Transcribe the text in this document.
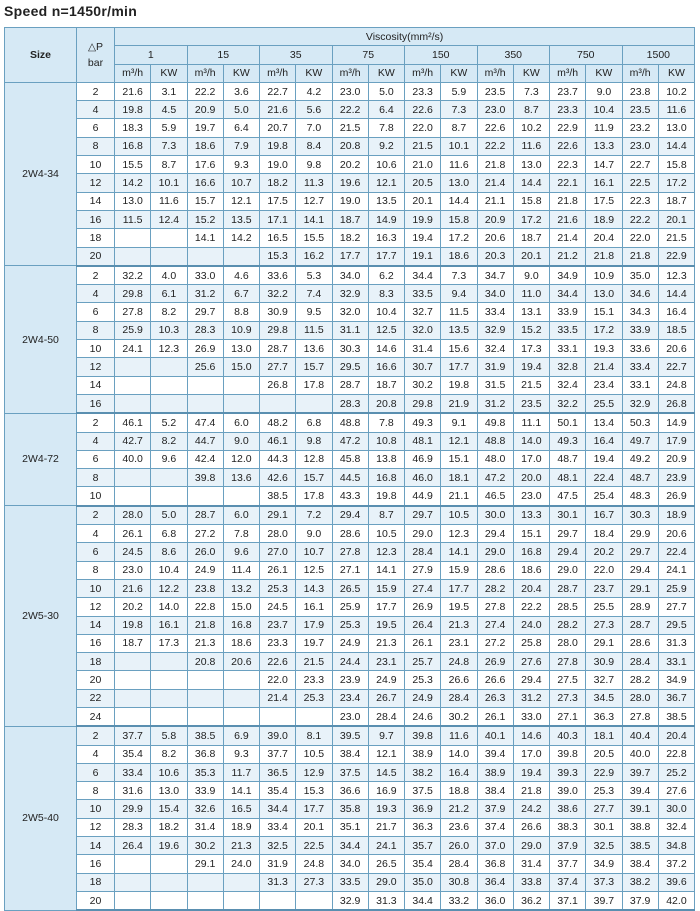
Speed n=1450r/min
Size	△P
bar	Viscosity(mm²/s)															
		1		15		35		75		150		350		750		1500	
		m³/h	KW	m³/h	KW	m³/h	KW	m³/h	KW	m³/h	KW	m³/h	KW	m³/h	KW	m³/h	KW
2W4-34	2	21.6	3.1	22.2	3.6	22.7	4.2	23.0	5.0	23.3	5.9	23.5	7.3	23.7	9.0	23.8	10.2
	4	19.8	4.5	20.9	5.0	21.6	5.6	22.2	6.4	22.6	7.3	23.0	8.7	23.3	10.4	23.5	11.6
	6	18.3	5.9	19.7	6.4	20.7	7.0	21.5	7.8	22.0	8.7	22.6	10.2	22.9	11.9	23.2	13.0
	8	16.8	7.3	18.6	7.9	19.8	8.4	20.8	9.2	21.5	10.1	22.2	11.6	22.6	13.3	23.0	14.4
	10	15.5	8.7	17.6	9.3	19.0	9.8	20.2	10.6	21.0	11.6	21.8	13.0	22.3	14.7	22.7	15.8
	12	14.2	10.1	16.6	10.7	18.2	11.3	19.6	12.1	20.5	13.0	21.4	14.4	22.1	16.1	22.5	17.2
	14	13.0	11.6	15.7	12.1	17.5	12.7	19.0	13.5	20.1	14.4	21.1	15.8	21.8	17.5	22.3	18.7
	16	11.5	12.4	15.2	13.5	17.1	14.1	18.7	14.9	19.9	15.8	20.9	17.2	21.6	18.9	22.2	20.1
	18			14.1	14.2	16.5	15.5	18.2	16.3	19.4	17.2	20.6	18.7	21.4	20.4	22.0	21.5
	20					15.3	16.2	17.7	17.7	19.1	18.6	20.3	20.1	21.2	21.8	21.8	22.9
2W4-50	2	32.2	4.0	33.0	4.6	33.6	5.3	34.0	6.2	34.4	7.3	34.7	9.0	34.9	10.9	35.0	12.3
	4	29.8	6.1	31.2	6.7	32.2	7.4	32.9	8.3	33.5	9.4	34.0	11.0	34.4	13.0	34.6	14.4
	6	27.8	8.2	29.7	8.8	30.9	9.5	32.0	10.4	32.7	11.5	33.4	13.1	33.9	15.1	34.3	16.4
	8	25.9	10.3	28.3	10.9	29.8	11.5	31.1	12.5	32.0	13.5	32.9	15.2	33.5	17.2	33.9	18.5
	10	24.1	12.3	26.9	13.0	28.7	13.6	30.3	14.6	31.4	15.6	32.4	17.3	33.1	19.3	33.6	20.6
	12			25.6	15.0	27.7	15.7	29.5	16.6	30.7	17.7	31.9	19.4	32.8	21.4	33.4	22.7
	14					26.8	17.8	28.7	18.7	30.2	19.8	31.5	21.5	32.4	23.4	33.1	24.8
	16							28.3	20.8	29.8	21.9	31.2	23.5	32.2	25.5	32.9	26.8
2W4-72	2	46.1	5.2	47.4	6.0	48.2	6.8	48.8	7.8	49.3	9.1	49.8	11.1	50.1	13.4	50.3	14.9
	4	42.7	8.2	44.7	9.0	46.1	9.8	47.2	10.8	48.1	12.1	48.8	14.0	49.3	16.4	49.7	17.9
	6	40.0	9.6	42.4	12.0	44.3	12.8	45.8	13.8	46.9	15.1	48.0	17.0	48.7	19.4	49.2	20.9
	8			39.8	13.6	42.6	15.7	44.5	16.8	46.0	18.1	47.2	20.0	48.1	22.4	48.7	23.9
	10					38.5	17.8	43.3	19.8	44.9	21.1	46.5	23.0	47.5	25.4	48.3	26.9
2W5-30	2	28.0	5.0	28.7	6.0	29.1	7.2	29.4	8.7	29.7	10.5	30.0	13.3	30.1	16.7	30.3	18.9
	4	26.1	6.8	27.2	7.8	28.0	9.0	28.6	10.5	29.0	12.3	29.4	15.1	29.7	18.4	29.9	20.6
	6	24.5	8.6	26.0	9.6	27.0	10.7	27.8	12.3	28.4	14.1	29.0	16.8	29.4	20.2	29.7	22.4
	8	23.0	10.4	24.9	11.4	26.1	12.5	27.1	14.1	27.9	15.9	28.6	18.6	29.0	22.0	29.4	24.1
	10	21.6	12.2	23.8	13.2	25.3	14.3	26.5	15.9	27.4	17.7	28.2	20.4	28.7	23.7	29.1	25.9
	12	20.2	14.0	22.8	15.0	24.5	16.1	25.9	17.7	26.9	19.5	27.8	22.2	28.5	25.5	28.9	27.7
	14	19.8	16.1	21.8	16.8	23.7	17.9	25.3	19.5	26.4	21.3	27.4	24.0	28.2	27.3	28.7	29.5
	16	18.7	17.3	21.3	18.6	23.3	19.7	24.9	21.3	26.1	23.1	27.2	25.8	28.0	29.1	28.6	31.3
	18			20.8	20.6	22.6	21.5	24.4	23.1	25.7	24.8	26.9	27.6	27.8	30.9	28.4	33.1
	20					22.0	23.3	23.9	24.9	25.3	26.6	26.6	29.4	27.5	32.7	28.2	34.9
	22					21.4	25.3	23.4	26.7	24.9	28.4	26.3	31.2	27.3	34.5	28.0	36.7
	24							23.0	28.4	24.6	30.2	26.1	33.0	27.1	36.3	27.8	38.5
2W5-40	2	37.7	5.8	38.5	6.9	39.0	8.1	39.5	9.7	39.8	11.6	40.1	14.6	40.3	18.1	40.4	20.4
	4	35.4	8.2	36.8	9.3	37.7	10.5	38.4	12.1	38.9	14.0	39.4	17.0	39.8	20.5	40.0	22.8
	6	33.4	10.6	35.3	11.7	36.5	12.9	37.5	14.5	38.2	16.4	38.9	19.4	39.3	22.9	39.7	25.2
	8	31.6	13.0	33.9	14.1	35.4	15.3	36.6	16.9	37.5	18.8	38.4	21.8	39.0	25.3	39.4	27.6
	10	29.9	15.4	32.6	16.5	34.4	17.7	35.8	19.3	36.9	21.2	37.9	24.2	38.6	27.7	39.1	30.0
	12	28.3	18.2	31.4	18.9	33.4	20.1	35.1	21.7	36.3	23.6	37.4	26.6	38.3	30.1	38.8	32.4
	14	26.4	19.6	30.2	21.3	32.5	22.5	34.4	24.1	35.7	26.0	37.0	29.0	37.9	32.5	38.5	34.8
	16			29.1	24.0	31.9	24.8	34.0	26.5	35.4	28.4	36.8	31.4	37.7	34.9	38.4	37.2
	18					31.3	27.3	33.5	29.0	35.0	30.8	36.4	33.8	37.4	37.3	38.2	39.6
	20							32.9	31.3	34.4	33.2	36.0	36.2	37.1	39.7	37.9	42.0
